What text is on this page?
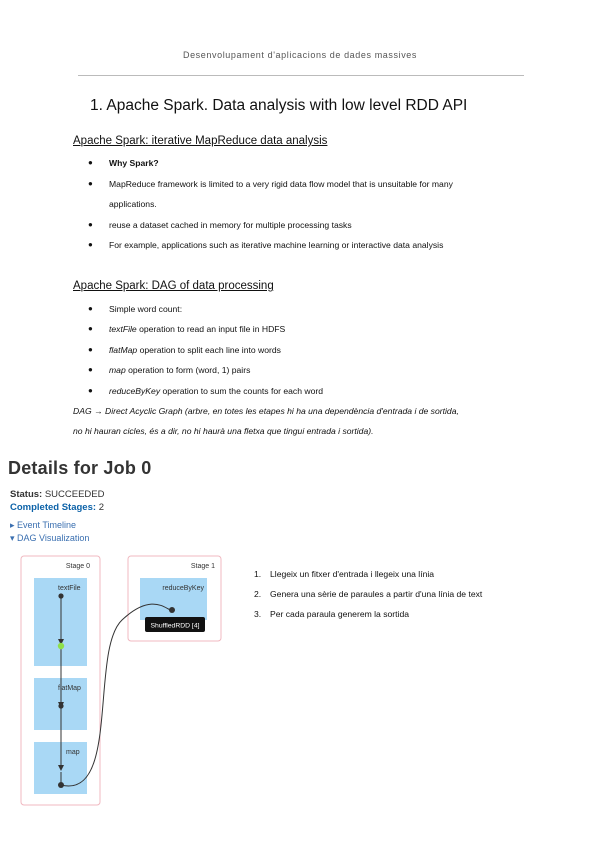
Desenvolupament d'aplicacions de dades massives
1. Apache Spark. Data analysis with low level RDD API
Apache Spark: iterative MapReduce data analysis
● Why Spark?
● MapReduce framework is limited to a very rigid data flow model that is unsuitable for many
applications.
● reuse a dataset cached in memory for multiple processing tasks
● For example, applications such as iterative machine learning or interactive data analysis
Apache Spark: DAG of data processing
● Simple word count:
● textFile operation to read an input file in HDFS
● flatMap operation to split each line into words
● map operation to form (word, 1) pairs
● reduceByKey operation to sum the counts for each word
DAG → Direct Acyclic Graph (arbre, en totes les etapes hi ha una dependència d'entrada i de sortida,
no hi hauran cicles, és a dir, no hi haurà una fletxa que tingui entrada i sortida).
Details for Job 0
Status: SUCCEEDED
Completed Stages: 2
▸ Event Timeline
▾ DAG Visualization
Stage 0	Stage 1
textFile
flatMap
map
reduceByKey
ShuffledRDD [4]
1. Llegeix un fitxer d'entrada i llegeix una línia
2. Genera una sèrie de paraules a partir d'una línia de text
3. Per cada paraula generem la sortida
